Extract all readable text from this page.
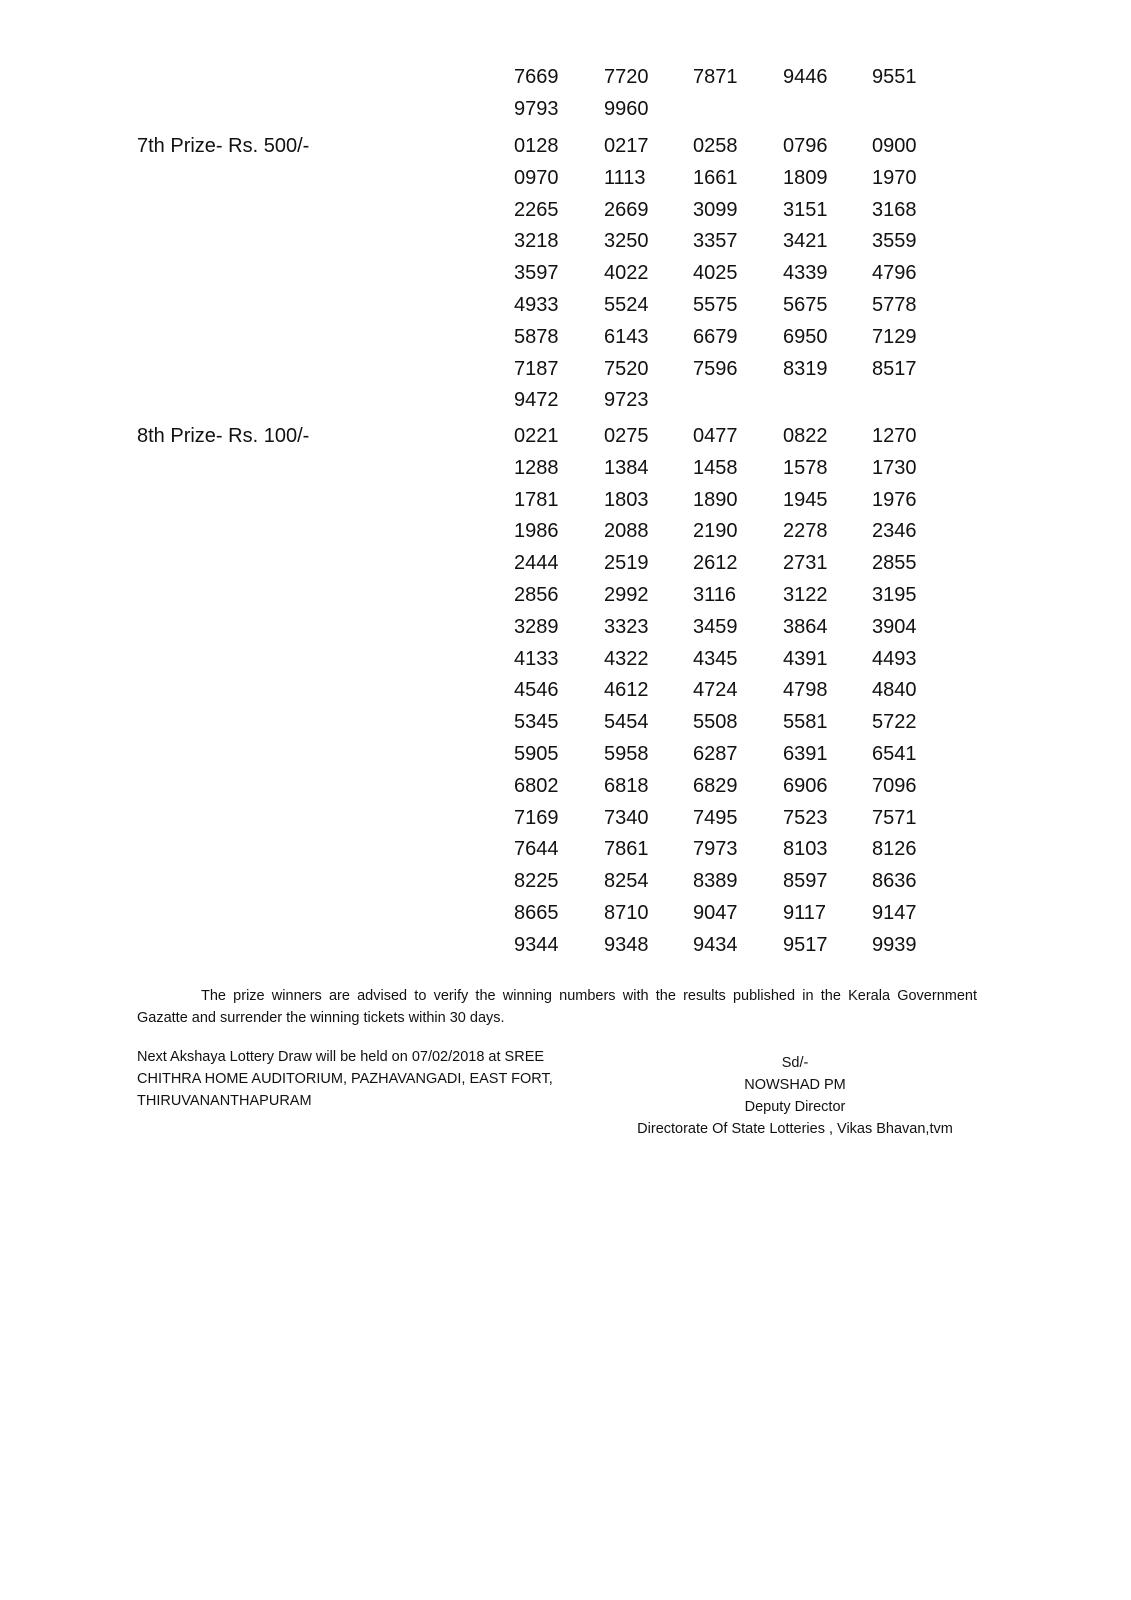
7669 7720 7871 9446 9551
9793 9960
7th Prize- Rs. 500/-	0128 0217 0258 0796 0900
0970 1113 1661 1809 1970
2265 2669 3099 3151 3168
3218 3250 3357 3421 3559
3597 4022 4025 4339 4796
4933 5524 5575 5675 5778
5878 6143 6679 6950 7129
7187 7520 7596 8319 8517
9472 9723
8th Prize- Rs. 100/-	0221 0275 0477 0822 1270
1288 1384 1458 1578 1730
1781 1803 1890 1945 1976
1986 2088 2190 2278 2346
2444 2519 2612 2731 2855
2856 2992 3116 3122 3195
3289 3323 3459 3864 3904
4133 4322 4345 4391 4493
4546 4612 4724 4798 4840
5345 5454 5508 5581 5722
5905 5958 6287 6391 6541
6802 6818 6829 6906 7096
7169 7340 7495 7523 7571
7644 7861 7973 8103 8126
8225 8254 8389 8597 8636
8665 8710 9047 9117 9147
9344 9348 9434 9517 9939
The prize winners are advised to verify the winning numbers with the results published in the Kerala Government Gazatte and surrender the winning tickets within 30 days.
Next Akshaya Lottery Draw will be held on 07/02/2018 at SREE CHITHRA HOME AUDITORIUM, PAZHAVANGADI, EAST FORT, THIRUVANANTHAPURAM
Sd/-
NOWSHAD PM
Deputy Director
Directorate Of State Lotteries , Vikas Bhavan,tvm
